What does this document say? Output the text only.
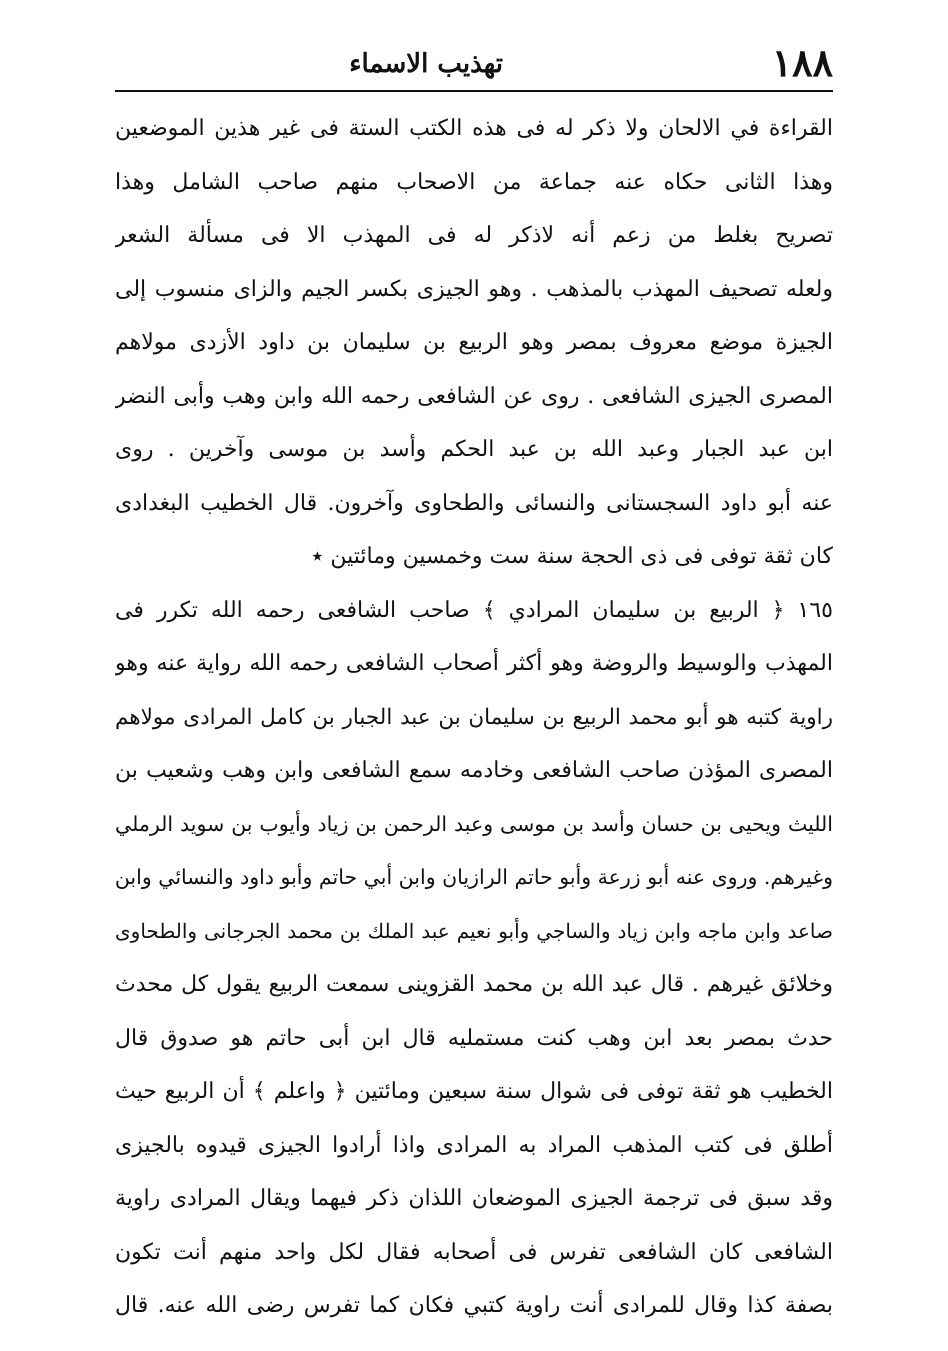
١٨٨
تهذيب الاسماء
القراءة في الالحان ولا ذكر له فى هذه الكتب الستة فى غير هذين الموضعين
وهذا الثانى حكاه عنه جماعة من الاصحاب منهم صاحب الشامل وهذا
تصريح بغلط من زعم أنه لاذكر له فى المهذب الا فى مسألة الشعر
ولعله تصحيف المهذب بالمذهب . وهو الجيزى بكسر الجيم والزاى منسوب إلى
الجيزة موضع معروف بمصر وهو الربيع بن سليمان بن داود الأزدى مولاهم
المصرى الجيزى الشافعى . روى عن الشافعى رحمه الله وابن وهب وأبى النضر
ابن عبد الجبار وعبد الله بن عبد الحكم وأسد بن موسى وآخرين . روى
عنه أبو داود السجستانى والنسائى والطحاوى وآخرون. قال الخطيب البغدادى
كان ثقة توفى فى ذى الحجة سنة ست وخمسين ومائتين ٭
١٦٥ ﴿ الربيع بن سليمان المرادي ﴾ صاحب الشافعى رحمه الله تكرر فى
المهذب والوسيط والروضة وهو أكثر أصحاب الشافعى رحمه الله رواية عنه وهو
راوية كتبه هو أبو محمد الربيع بن سليمان بن عبد الجبار بن كامل المرادى مولاهم
المصرى المؤذن صاحب الشافعى وخادمه سمع الشافعى وابن وهب وشعيب بن
الليث ويحيى بن حسان وأسد بن موسى وعبد الرحمن بن زياد وأيوب بن سويد الرملي
وغيرهم. وروى عنه أبو زرعة وأبو حاتم الرازيان وابن أبي حاتم وأبو داود والنسائي وابن
صاعد وابن ماجه وابن زياد والساجي وأبو نعيم عبد الملك بن محمد الجرجانى والطحاوى
وخلائق غيرهم . قال عبد الله بن محمد القزوينى سمعت الربيع يقول كل محدث
حدث بمصر بعد ابن وهب كنت مستمليه قال ابن أبى حاتم هو صدوق قال
الخطيب هو ثقة توفى فى شوال سنة سبعين ومائتين ﴿ واعلم ﴾ أن الربيع حيث
أطلق فى كتب المذهب المراد به المرادى واذا أرادوا الجيزى قيدوه بالجيزى
وقد سبق فى ترجمة الجيزى الموضعان اللذان ذكر فيهما ويقال المرادى راوية
الشافعى كان الشافعى تفرس فى أصحابه فقال لكل واحد منهم أنت تكون
بصفة كذا وقال للمرادى أنت راوية كتبي فكان كما تفرس رضى الله عنه. قال
